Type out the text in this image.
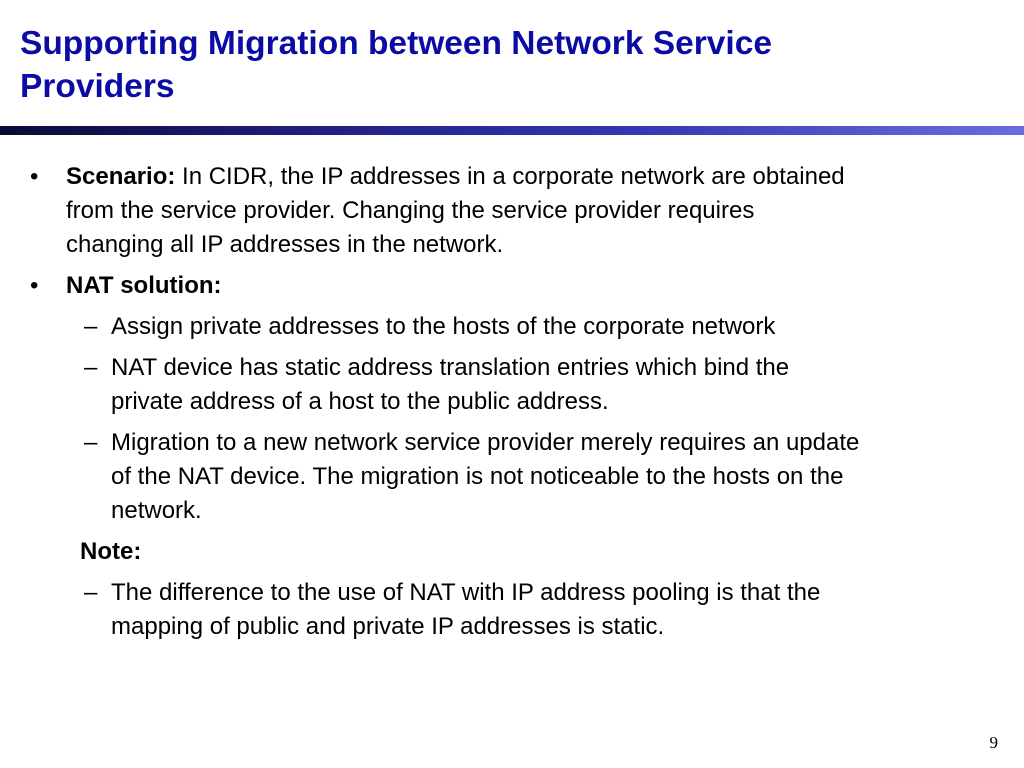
Supporting Migration between Network Service
Providers
• Scenario: In CIDR, the IP addresses in a corporate network are obtained
from the service provider. Changing the service provider requires
changing all IP addresses in the network.
• NAT solution:
– Assign private addresses to the hosts of the corporate network
– NAT device has static address translation entries which bind the
private address of a host to the public address.
– Migration to a new network service provider merely requires an update
of the NAT device. The migration is not noticeable to the hosts on the
network.
Note:
– The difference to the use of NAT with IP address pooling is that the
mapping of public and private IP addresses is static.
9
